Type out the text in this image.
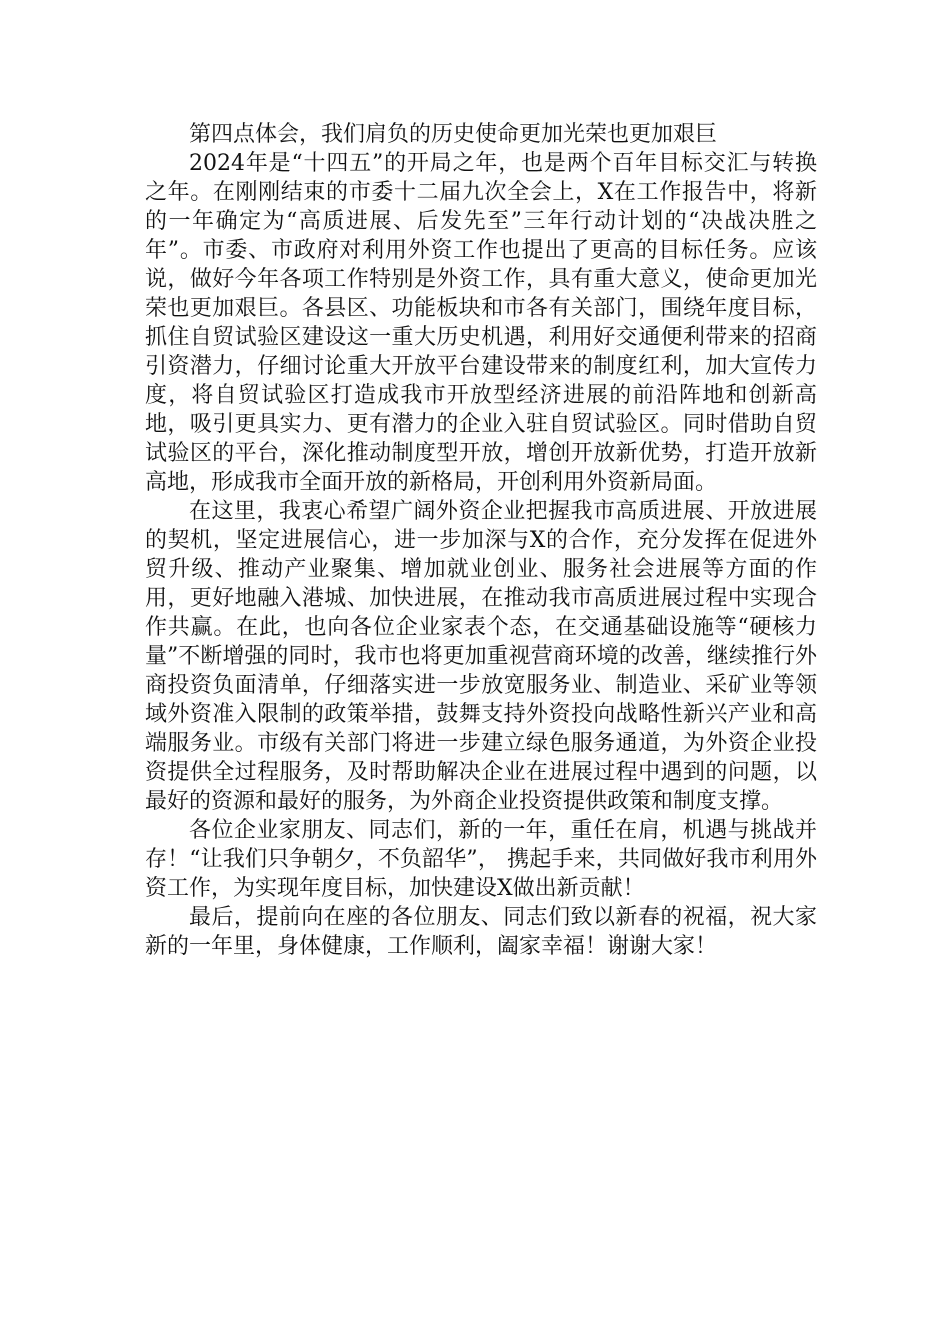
第四点体会，我们肩负的历史使命更加光荣也更加艰巨

2024年是“十四五”的开局之年，也是两个百年目标交汇与转换之年。在刚刚结束的市委十二届九次全会上，X在工作报告中，将新的一年确定为“高质进展、后发先至”三年行动计划的“决战决胜之年”。市委、市政府对利用外资工作也提出了更高的目标任务。应该说，做好今年各项工作特别是外资工作，具有重大意义，使命更加光荣也更加艰巨。各县区、功能板块和市各有关部门，围绕年度目标，抓住自贸试验区建设这一重大历史机遇，利用好交通便利带来的招商引资潜力，仔细讨论重大开放平台建设带来的制度红利，加大宣传力度，将自贸试验区打造成我市开放型经济进展的前沿阵地和创新高地，吸引更具实力、更有潜力的企业入驻自贸试验区。同时借助自贸试验区的平台，深化推动制度型开放，增创开放新优势，打造开放新高地，形成我市全面开放的新格局，开创利用外资新局面。

在这里，我衷心希望广阔外资企业把握我市高质进展、开放进展的契机，坚定进展信心，进一步加深与X的合作，充分发挥在促进外贸升级、推动产业聚集、增加就业创业、服务社会进展等方面的作用，更好地融入港城、加快进展，在推动我市高质进展过程中实现合作共赢。在此，也向各位企业家表个态，在交通基础设施等“硬核力量”不断增强的同时，我市也将更加重视营商环境的改善，继续推行外商投资负面清单，仔细落实进一步放宽服务业、制造业、采矿业等领域外资准入限制的政策举措，鼓舞支持外资投向战略性新兴产业和高端服务业。市级有关部门将进一步建立绿色服务通道，为外资企业投资提供全过程服务，及时帮助解决企业在进展过程中遇到的问题，以最好的资源和最好的服务，为外商企业投资提供政策和制度支撑。

各位企业家朋友、同志们，新的一年，重任在肩，机遇与挑战并存！“让我们只争朝夕，不负韶华”， 携起手来，共同做好我市利用外资工作，为实现年度目标，加快建设X做出新贡献！

最后，提前向在座的各位朋友、同志们致以新春的祝福，祝大家新的一年里，身体健康，工作顺利，阖家幸福！谢谢大家！
